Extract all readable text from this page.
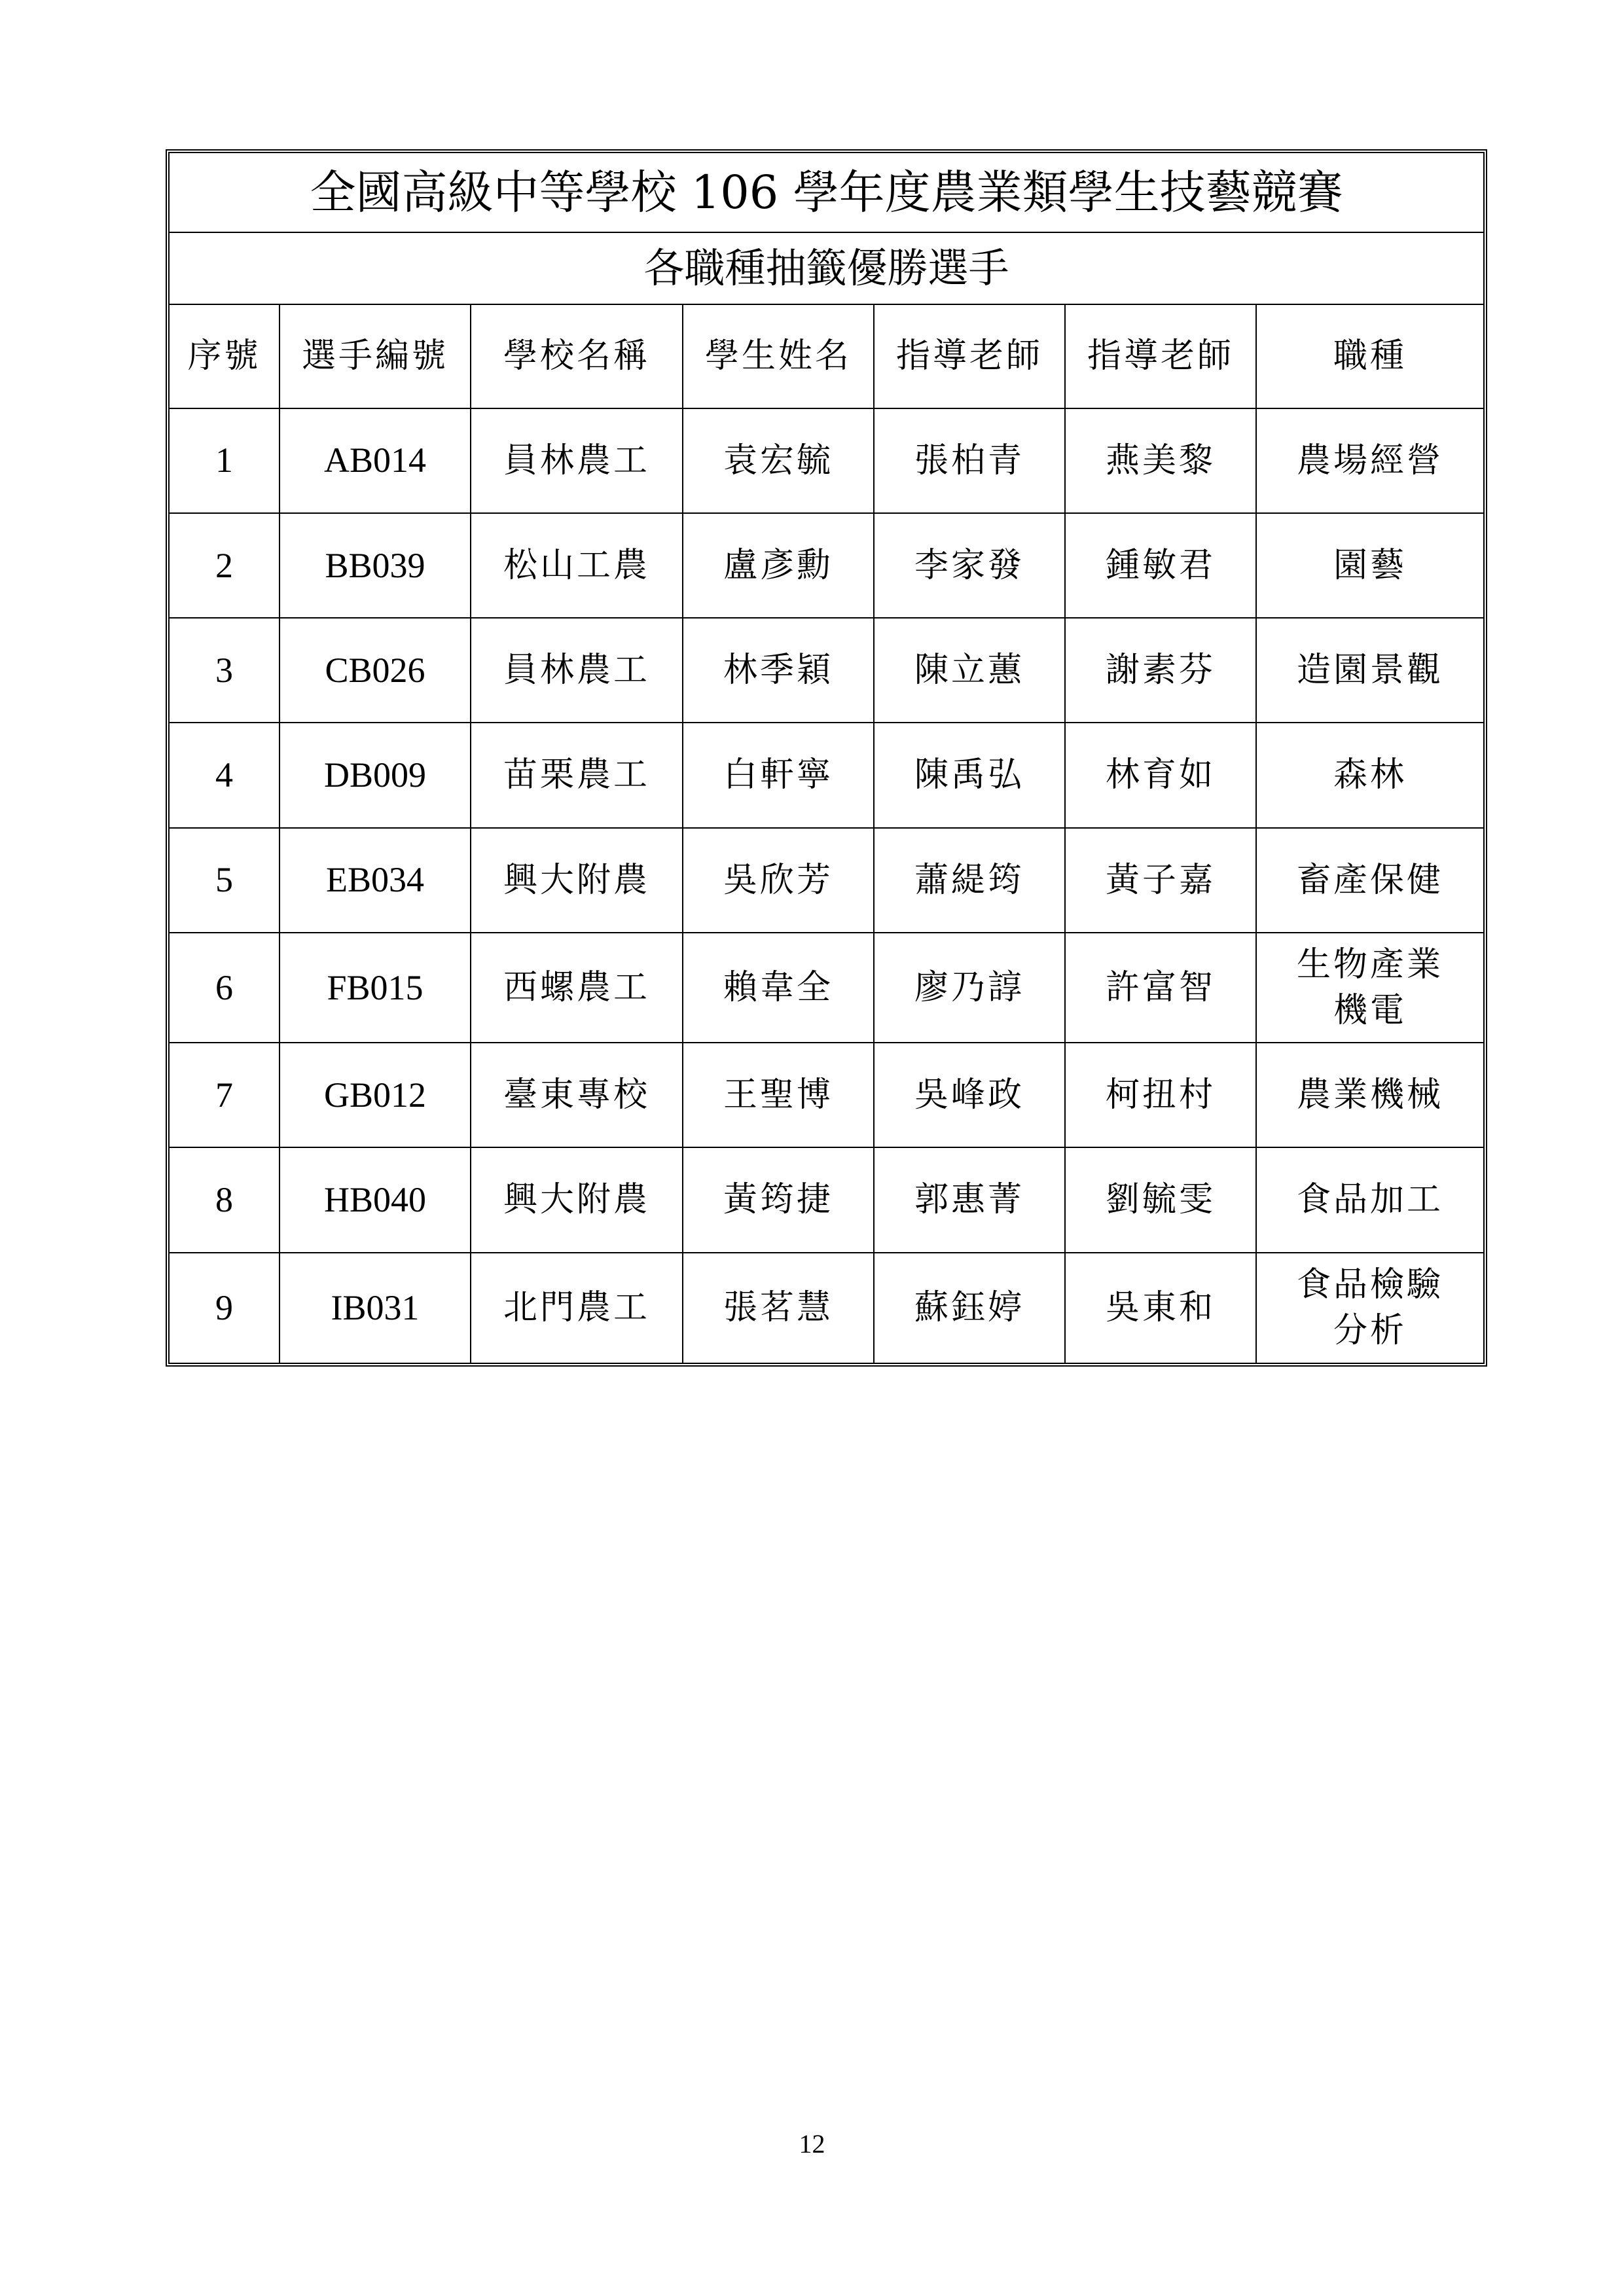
全國高級中等學校 106 學年度農業類學生技藝競賽						
各職種抽籤優勝選手						
序號	選手編號	學校名稱	學生姓名	指導老師	指導老師	職種
1	AB014	員林農工	袁宏毓	張柏青	燕美黎	農場經營
2	BB039	松山工農	盧彥勳	李家發	鍾敏君	園藝
3	CB026	員林農工	林季穎	陳立蕙	謝素芬	造園景觀
4	DB009	苗栗農工	白軒寧	陳禹弘	林育如	森林
5	EB034	興大附農	吳欣芳	蕭緹筠	黃子嘉	畜產保健
6	FB015	西螺農工	賴韋全	廖乃諄	許富智	生物產業
機電
7	GB012	臺東專校	王聖博	吳峰政	柯扭村	農業機械
8	HB040	興大附農	黃筠捷	郭惠菁	劉毓雯	食品加工
9	IB031	北門農工	張茗慧	蘇鈺婷	吳東和	食品檢驗
分析
12
